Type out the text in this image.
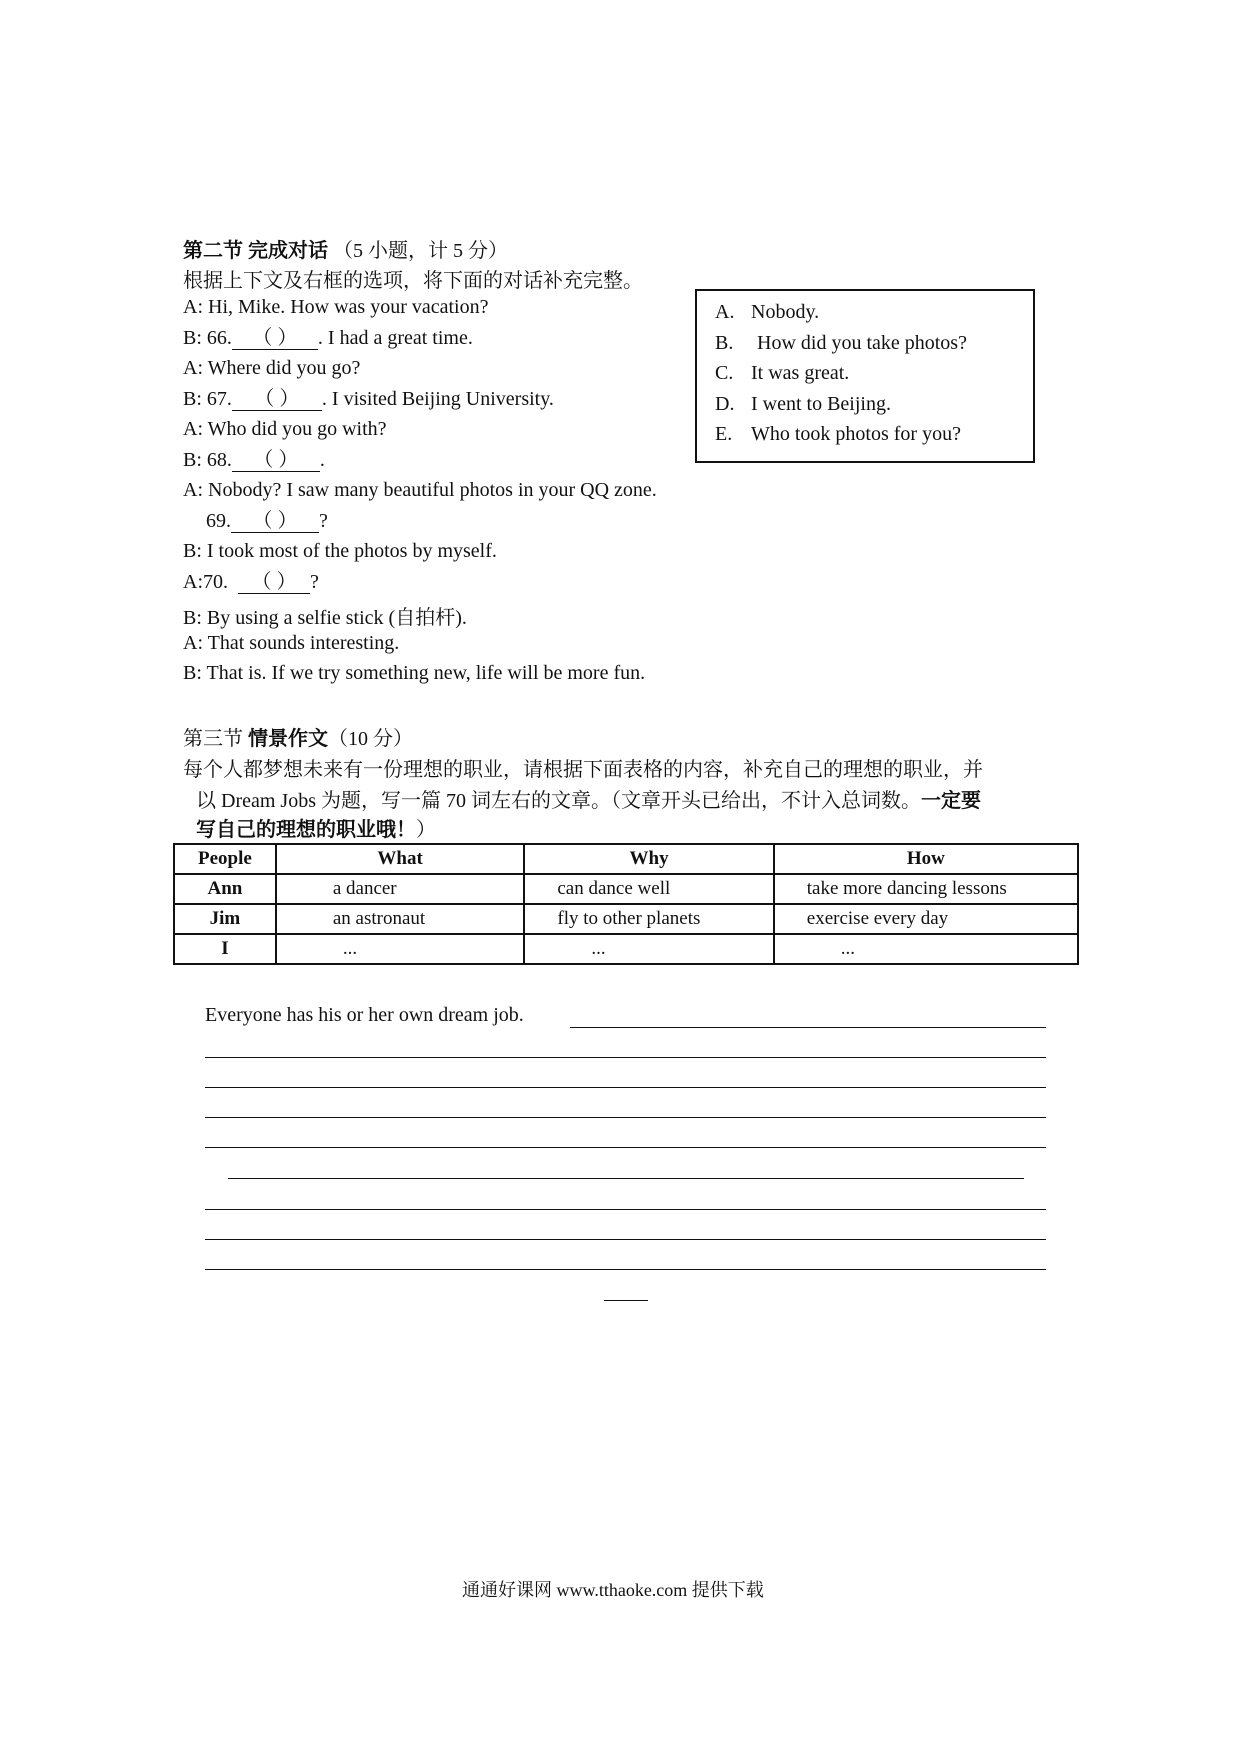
第二节 完成对话 （5 小题，计 5 分）
根据上下文及右框的选项，将下面的对话补充完整。
A: Hi, Mike. How was your vacation?
B: 66. （ ） . I had a great time.
A: Where did you go?
B: 67. （ ） . I visited Beijing University.
A: Who did you go with?
B: 68. （ ） .
A: Nobody? I saw many beautiful photos in your QQ zone.
69. （ ） ?
B: I took most of the photos by myself.
A:70. （ ） ?
B: By using a selfie stick (自拍杆).
A: That sounds interesting.
B: That is. If we try something new, life will be more fun.
A. Nobody.
B. How did you take photos?
C. It was great.
D. I went to Beijing.
E. Who took photos for you?
第三节 情景作文（10 分）
每个人都梦想未来有一份理想的职业，请根据下面表格的内容，补充自己的理想的职业，并
以 Dream Jobs 为题，写一篇 70 词左右的文章。（文章开头已给出，不计入总词数。一定要
写自己的理想的职业哦！）
People	What	Why	How
Ann	a dancer	can dance well	take more dancing lessons
Jim	an astronaut	fly to other planets	exercise every day
I	...	...	...
Everyone has his or her own dream job.
通通好课网 www.tthaoke.com 提供下载
